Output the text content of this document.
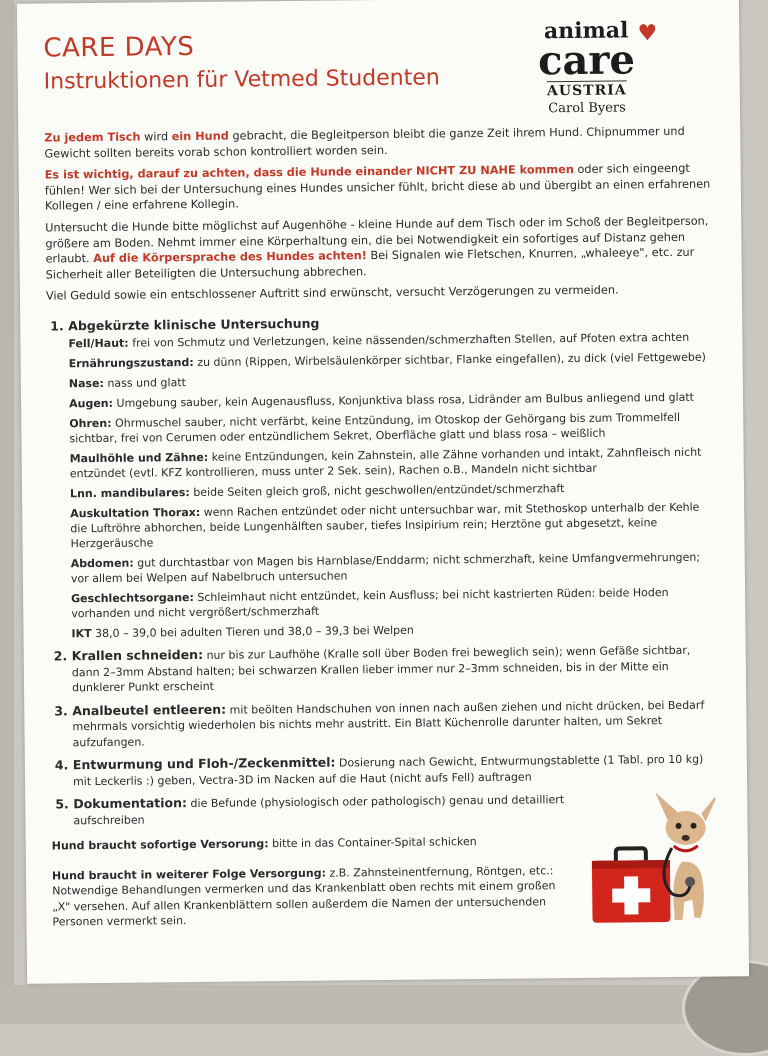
animal
care
♥
AUSTRIA
Carol Byers
CARE DAYS
Instruktionen für Vetmed Studenten

Zu jedem Tisch wird ein Hund gebracht, die Begleitperson bleibt die ganze Zeit ihrem Hund. Chipnummer und Gewicht sollten bereits vorab schon kontrolliert worden sein.

Es ist wichtig, darauf zu achten, dass die Hunde einander NICHT ZU NAHE kommen oder sich eingeengt fühlen! Wer sich bei der Untersuchung eines Hundes unsicher fühlt, bricht diese ab und übergibt an einen erfahrenen Kollegen / eine erfahrene Kollegin.

Untersucht die Hunde bitte möglichst auf Augenhöhe - kleine Hunde auf dem Tisch oder im Schoß der Begleitperson, größere am Boden. Nehmt immer eine Körperhaltung ein, die bei Notwendigkeit ein sofortiges auf Distanz gehen erlaubt. Auf die Körpersprache des Hundes achten! Bei Signalen wie Fletschen, Knurren, „whaleeye", etc. zur Sicherheit aller Beteiligten die Untersuchung abbrechen.

Viel Geduld sowie ein entschlossener Auftritt sind erwünscht, versucht Verzögerungen zu vermeiden.

1. Abgekürzte klinische Untersuchung
Fell/Haut: frei von Schmutz und Verletzungen, keine nässenden/schmerzhaften Stellen, auf Pfoten extra achten
Ernährungszustand: zu dünn (Rippen, Wirbelsäulenkörper sichtbar, Flanke eingefallen), zu dick (viel Fettgewebe)
Nase: nass und glatt
Augen: Umgebung sauber, kein Augenausfluss, Konjunktiva blass rosa, Lidränder am Bulbus anliegend und glatt
Ohren: Ohrmuschel sauber, nicht verfärbt, keine Entzündung, im Otoskop der Gehörgang bis zum Trommelfell sichtbar, frei von Cerumen oder entzündlichem Sekret, Oberfläche glatt und blass rosa – weißlich
Maulhöhle und Zähne: keine Entzündungen, kein Zahnstein, alle Zähne vorhanden und intakt, Zahnfleisch nicht entzündet (evtl. KFZ kontrollieren, muss unter 2 Sek. sein), Rachen o.B., Mandeln nicht sichtbar
Lnn. mandibulares: beide Seiten gleich groß, nicht geschwollen/entzündet/schmerzhaft
Auskultation Thorax: wenn Rachen entzündet oder nicht untersuchbar war, mit Stethoskop unterhalb der Kehle die Luftröhre abhorchen, beide Lungenhälften sauber, tiefes Insipirium rein; Herztöne gut abgesetzt, keine Herzgeräusche
Abdomen: gut durchtastbar von Magen bis Harnblase/Enddarm; nicht schmerzhaft, keine Umfangvermehrungen; vor allem bei Welpen auf Nabelbruch untersuchen
Geschlechtsorgane: Schleimhaut nicht entzündet, kein Ausfluss; bei nicht kastrierten Rüden: beide Hoden vorhanden und nicht vergrößert/schmerzhaft
IKT 38,0 – 39,0 bei adulten Tieren und 38,0 – 39,3 bei Welpen
2. Krallen schneiden: nur bis zur Laufhöhe (Kralle soll über Boden frei beweglich sein); wenn Gefäße sichtbar, dann 2–3mm Abstand halten; bei schwarzen Krallen lieber immer nur 2–3mm schneiden, bis in der Mitte ein dunklerer Punkt erscheint
3. Analbeutel entleeren: mit beölten Handschuhen von innen nach außen ziehen und nicht drücken, bei Bedarf mehrmals vorsichtig wiederholen bis nichts mehr austritt. Ein Blatt Küchenrolle darunter halten, um Sekret aufzufangen.
4. Entwurmung und Floh-/Zeckenmittel: Dosierung nach Gewicht, Entwurmungstablette (1 Tabl. pro 10 kg) mit Leckerlis :) geben, Vectra-3D im Nacken auf die Haut (nicht aufs Fell) auftragen
5. Dokumentation: die Befunde (physiologisch oder pathologisch) genau und detailliert aufschreiben

Hund braucht sofortige Versorung: bitte in das Container-Spital schicken

Hund braucht in weiterer Folge Versorgung: z.B. Zahnsteinentfernung, Röntgen, etc.: Notwendige Behandlungen vermerken und das Krankenblatt oben rechts mit einem großen „X" versehen. Auf allen Krankenblättern sollen außerdem die Namen der untersuchenden Personen vermerkt sein.
